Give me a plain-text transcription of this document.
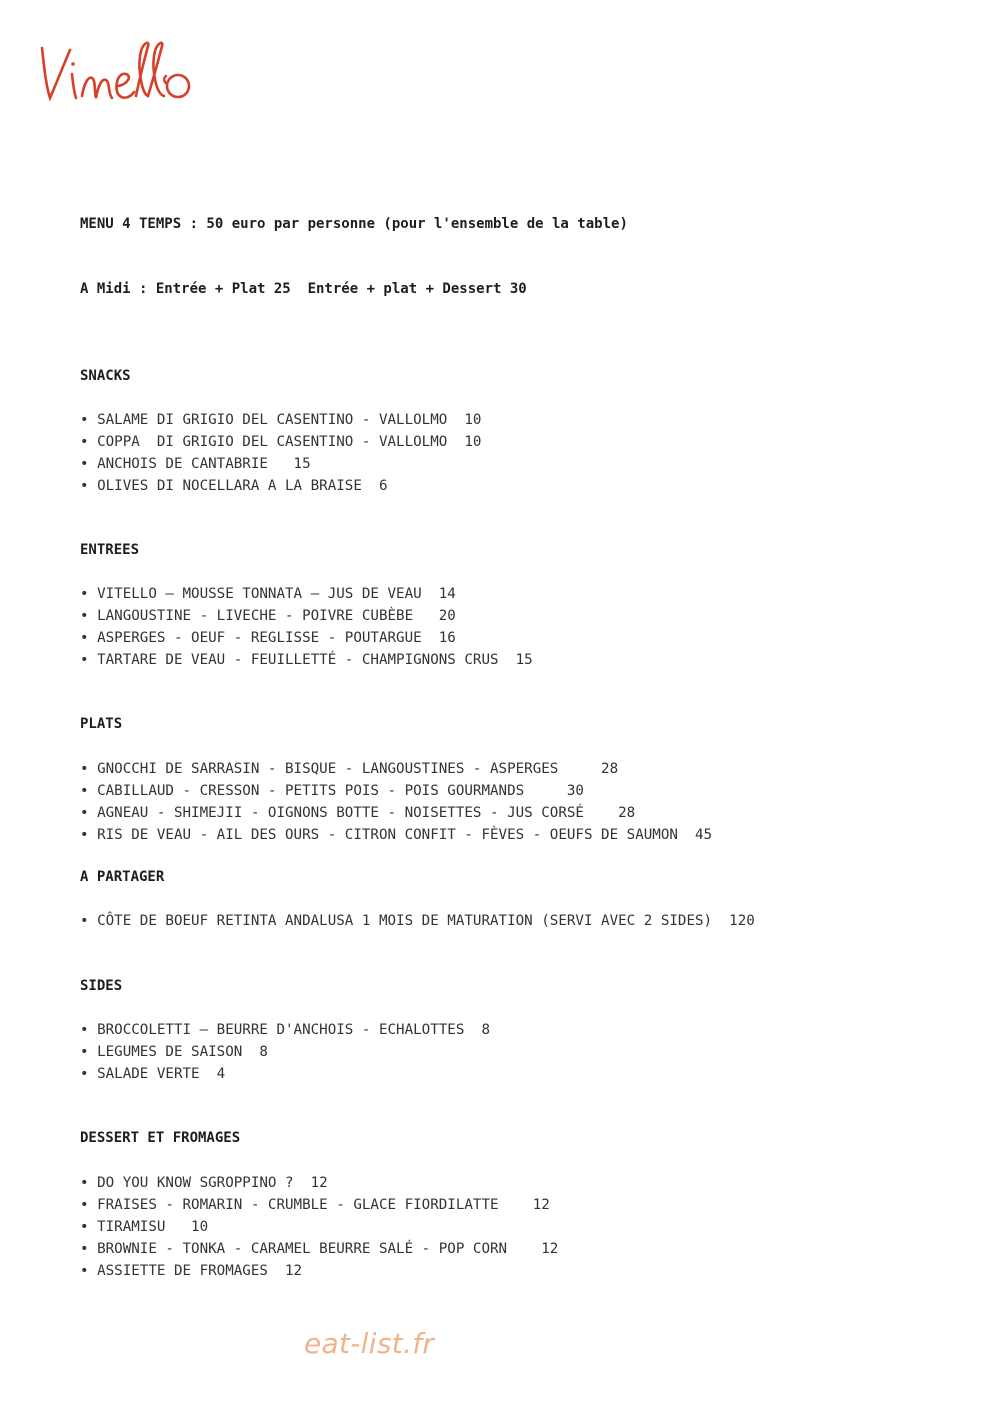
MENU 4 TEMPS : 50 euro par personne (pour l'ensemble de la table)
A Midi : Entrée + Plat 25  Entrée + plat + Dessert 30
SNACKS
• SALAME DI GRIGIO DEL CASENTINO - VALLOLMO  10
• COPPA  DI GRIGIO DEL CASENTINO - VALLOLMO  10
• ANCHOIS DE CANTABRIE   15
• OLIVES DI NOCELLARA A LA BRAISE  6
ENTREES
• VITELLO – MOUSSE TONNATA – JUS DE VEAU  14
• LANGOUSTINE - LIVECHE - POIVRE CUBÈBE   20
• ASPERGES - OEUF - REGLISSE - POUTARGUE  16
• TARTARE DE VEAU - FEUILLETTÉ - CHAMPIGNONS CRUS  15
PLATS
• GNOCCHI DE SARRASIN - BISQUE - LANGOUSTINES - ASPERGES     28
• CABILLAUD - CRESSON - PETITS POIS - POIS GOURMANDS     30
• AGNEAU - SHIMEJII - OIGNONS BOTTE - NOISETTES - JUS CORSÉ    28
• RIS DE VEAU - AIL DES OURS - CITRON CONFIT - FÈVES - OEUFS DE SAUMON  45
A PARTAGER
• CÔTE DE BOEUF RETINTA ANDALUSA 1 MOIS DE MATURATION (SERVI AVEC 2 SIDES)  120
SIDES
• BROCCOLETTI – BEURRE D'ANCHOIS - ECHALOTTES  8
• LEGUMES DE SAISON  8
• SALADE VERTE  4
DESSERT ET FROMAGES
• DO YOU KNOW SGROPPINO ?  12
• FRAISES - ROMARIN - CRUMBLE - GLACE FIORDILATTE    12
• TIRAMISU   10
• BROWNIE - TONKA - CARAMEL BEURRE SALÉ - POP CORN    12
• ASSIETTE DE FROMAGES  12
eat-list.fr
